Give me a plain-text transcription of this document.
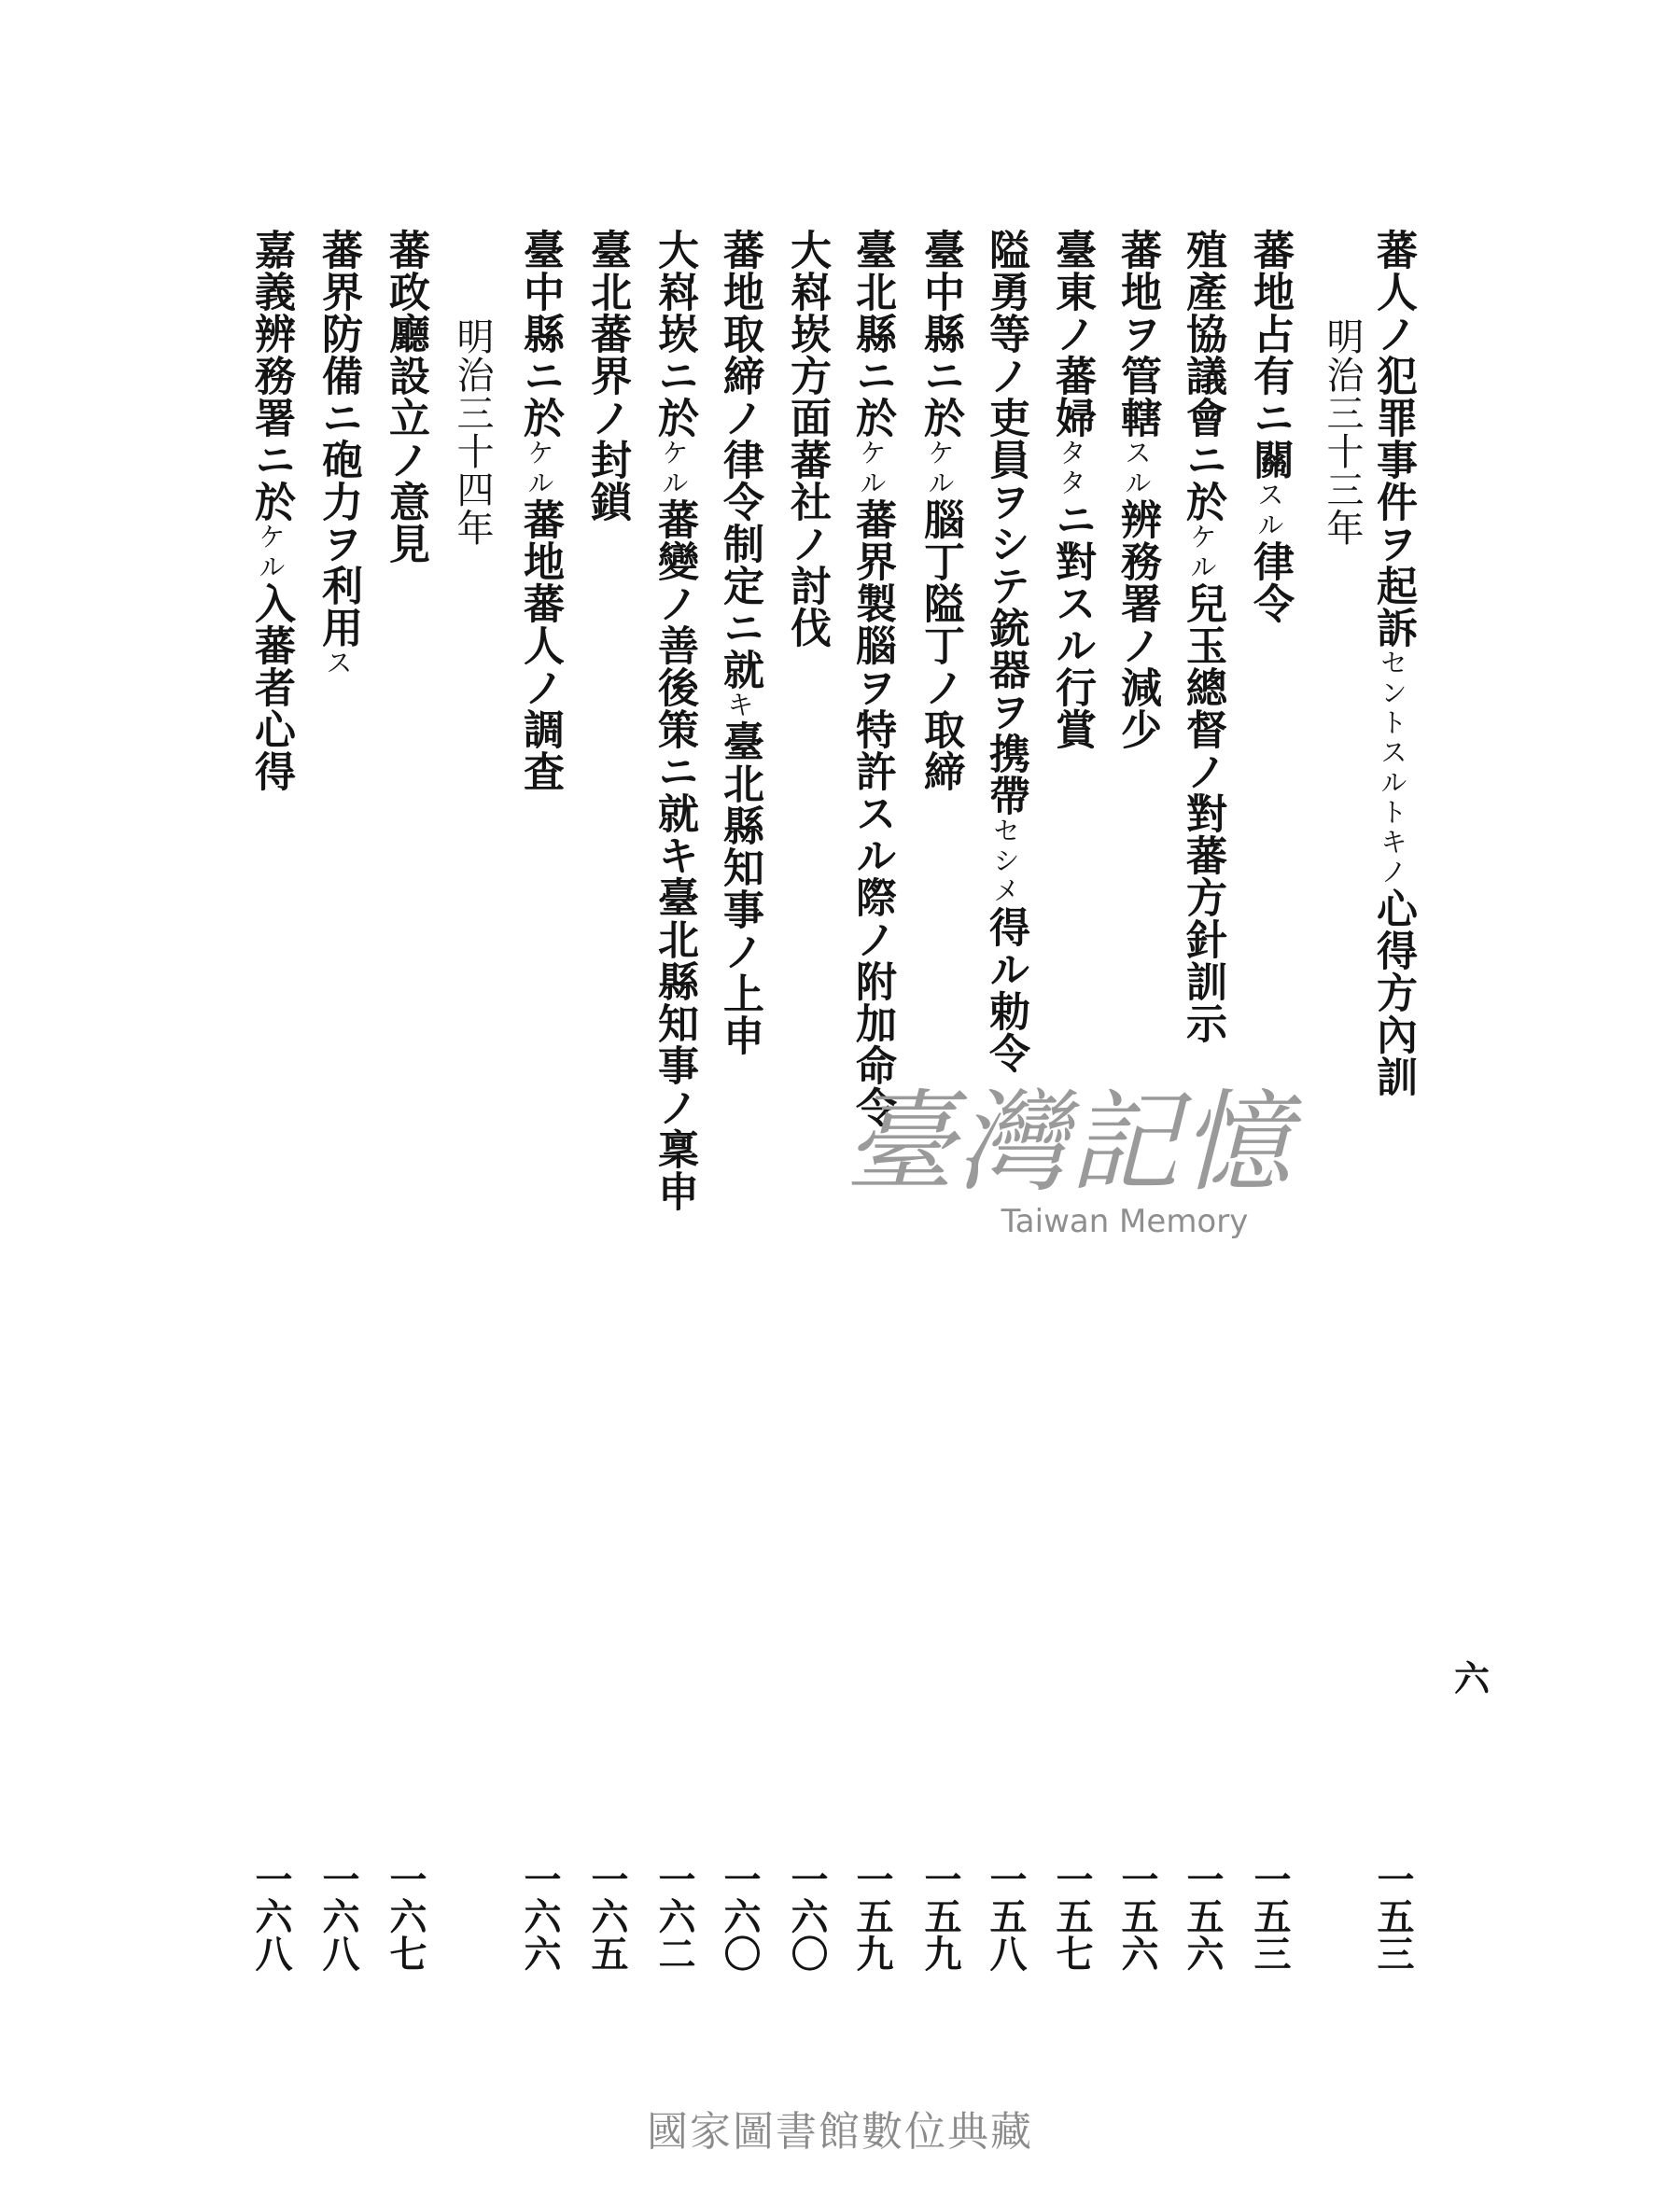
蕃人ノ犯罪事件ヲ起訴セントスルトキノ心得方內訓
明治三十三年
蕃地占有ニ關スル律令
殖產協議會ニ於ケル兒玉總督ノ對蕃方針訓示
蕃地ヲ管轄スル辨務署ノ減少
臺東ノ蕃婦タタニ對スル行賞
隘勇等ノ吏員ヲシテ銃器ヲ携帶セシメ得ル勅令
臺中縣ニ於ケル腦丁隘丁ノ取締
臺北縣ニ於ケル蕃界製腦ヲ特許スル際ノ附加命令
大嵙崁方面蕃社ノ討伐
蕃地取締ノ律令制定ニ就キ臺北縣知事ノ上申
大嵙崁ニ於ケル蕃變ノ善後策ニ就キ臺北縣知事ノ稟申
臺北蕃界ノ封鎖
臺中縣ニ於ケル蕃地蕃人ノ調査
明治三十四年
蕃政廳設立ノ意見
蕃界防備ニ砲力ヲ利用ス
嘉義辨務署ニ於ケル入蕃者心得
一五三
一五三
一五六
一五六
一五七
一五八
一五九
一五九
一六〇
一六〇
一六二
一六五
一六六
一六七
一六八
一六八
六
臺灣記憶
Taiwan Memory
國家圖書館數位典藏
